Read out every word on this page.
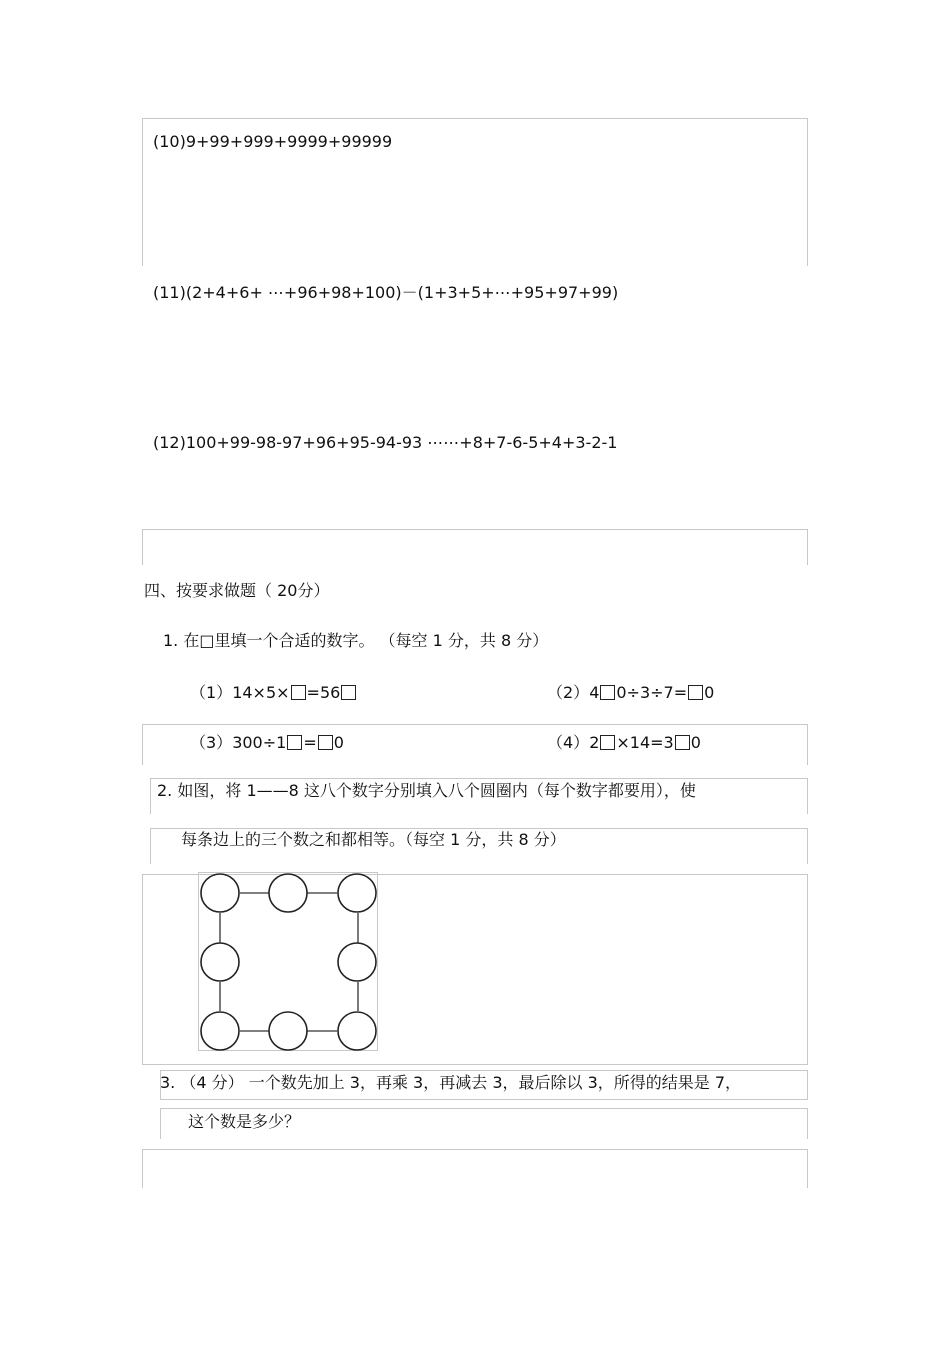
(10)9+99+999+9999+99999
(11)(2+4+6+ ⋯+96+98+100)－(1+3+5+⋯+95+97+99)
(12)100+99-98-97+96+95-94-93 ⋯⋯+8+7-6-5+4+3-2-1
四、按要求做题（ 20分）
1. 在□里填一个合适的数字。 （每空 1 分，共 8 分）
（1）14×5× =56	（2）4 0÷3÷7= 0
（3）300÷1 = 0	（4）2 ×14=3 0
2. 如图，将 1——8 这八个数字分别填入八个圆圈内（每个数字都要用），使
每条边上的三个数之和都相等。（每空 1 分，共 8 分）
3. （4 分） 一个数先加上 3，再乘 3，再减去 3，最后除以 3，所得的结果是 7，
这个数是多少？
